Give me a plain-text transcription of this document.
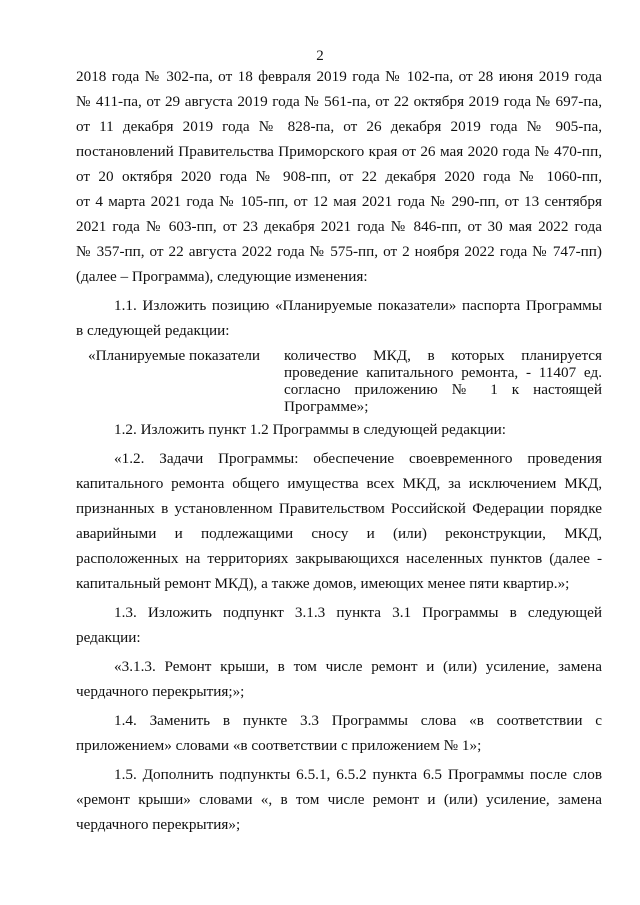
2
2018 года № 302-па, от 18 февраля 2019 года № 102-па, от 28 июня 2019 года
№ 411-па, от 29 августа 2019 года № 561-па, от 22 октября 2019 года № 697-па,
от 11 декабря 2019 года № 828-па, от 26 декабря 2019 года № 905-па,
постановлений Правительства Приморского края от 26 мая 2020 года № 470-пп,
от 20 октября 2020 года № 908-пп, от 22 декабря 2020 года № 1060-пп,
от 4 марта 2021 года № 105-пп, от 12 мая 2021 года № 290-пп, от 13 сентября
2021 года № 603-пп, от 23 декабря 2021 года № 846-пп, от 30 мая 2022 года
№ 357-пп, от 22 августа 2022 года № 575-пп, от 2 ноября 2022 года № 747-пп)
(далее – Программа), следующие изменения:
1.1. Изложить позицию «Планируемые показатели» паспорта Программы
в следующей редакции:
«Планируемые показатели количество МКД, в которых планируется
проведение капитального ремонта, - 11407 ед.
согласно приложению № 1 к настоящей
Программе»;
1.2. Изложить пункт 1.2 Программы в следующей редакции:
«1.2. Задачи Программы: обеспечение своевременного проведения
капитального ремонта общего имущества всех МКД, за исключением МКД,
признанных в установленном Правительством Российской Федерации порядке
аварийными и подлежащими сносу и (или) реконструкции, МКД,
расположенных на территориях закрывающихся населенных пунктов (далее -
капитальный ремонт МКД), а также домов, имеющих менее пяти квартир.»;
1.3. Изложить подпункт 3.1.3 пункта 3.1 Программы в следующей
редакции:
«3.1.3. Ремонт крыши, в том числе ремонт и (или) усиление, замена
чердачного перекрытия;»;
1.4. Заменить в пункте 3.3 Программы слова «в соответствии с
приложением» словами «в соответствии с приложением № 1»;
1.5. Дополнить подпункты 6.5.1, 6.5.2 пункта 6.5 Программы после слов
«ремонт крыши» словами «, в том числе ремонт и (или) усиление, замена
чердачного перекрытия»;
